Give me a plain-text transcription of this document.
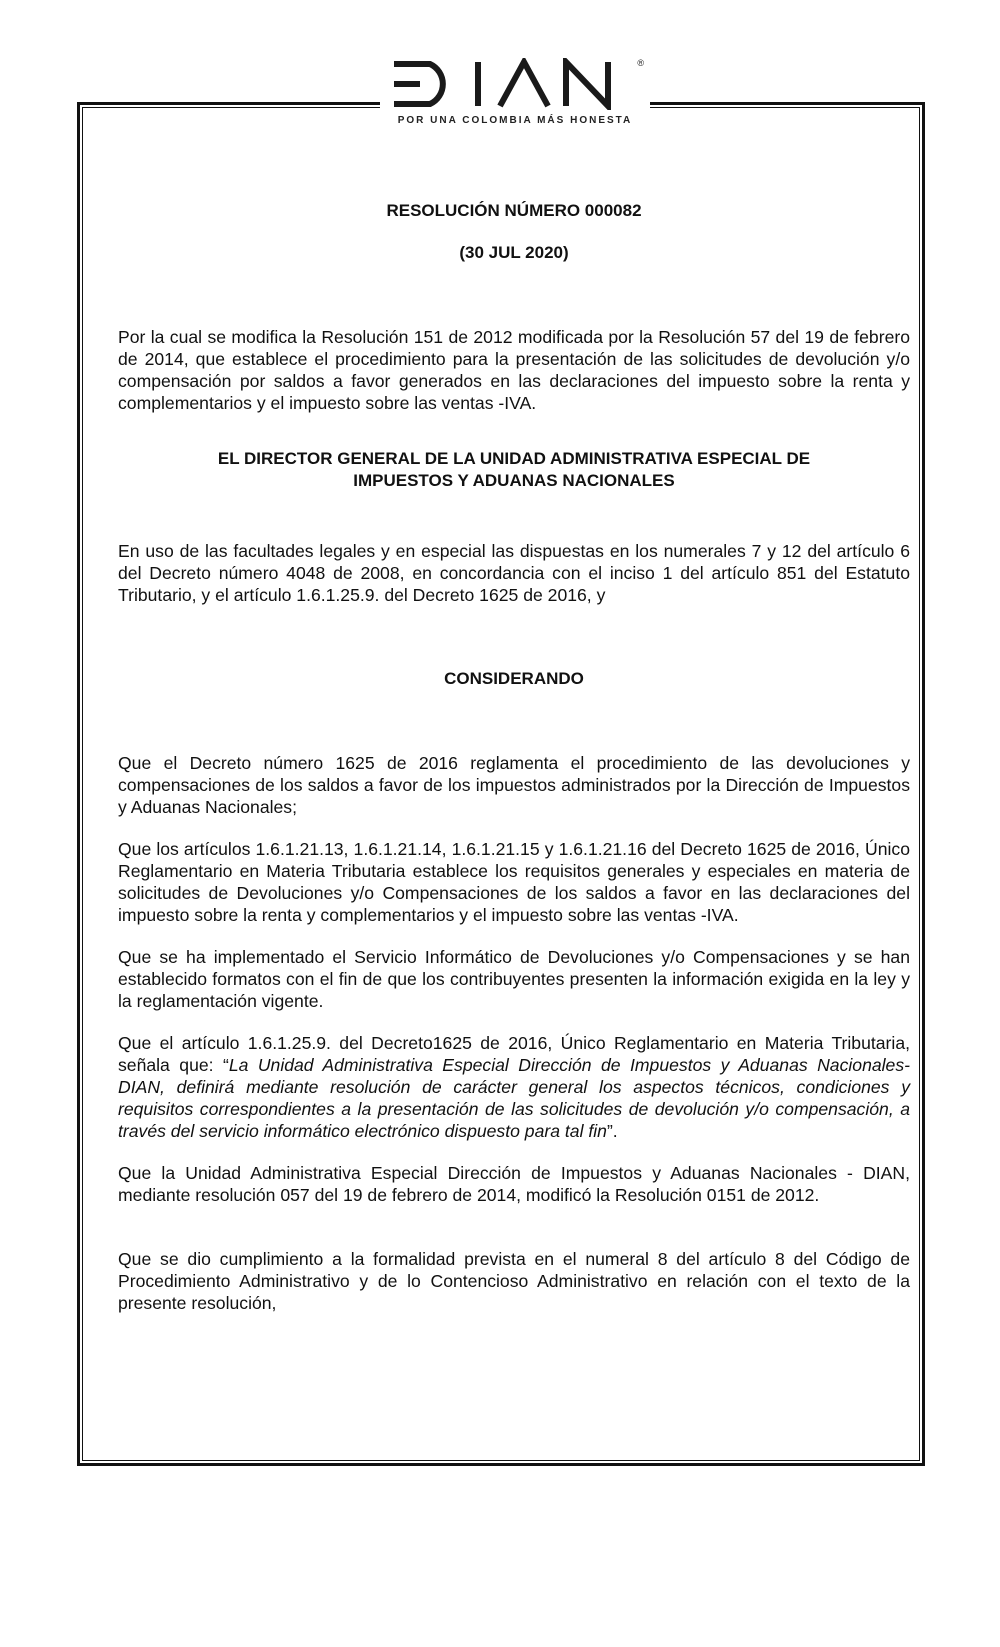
DIAN	®
POR UNA COLOMBIA MÁS HONESTA

RESOLUCIÓN NÚMERO 000082

(30 JUL 2020)

Por la cual se modifica la Resolución 151 de 2012 modificada por la Resolución 57 del 19 de febrero de 2014, que establece el procedimiento para la presentación de las solicitudes de devolución y/o compensación por saldos a favor generados en las declaraciones del impuesto sobre la renta y complementarios y el impuesto sobre las ventas -IVA.

EL DIRECTOR GENERAL DE LA UNIDAD ADMINISTRATIVA ESPECIAL DE

IMPUESTOS Y ADUANAS NACIONALES

En uso de las facultades legales y en especial las dispuestas en los numerales 7 y 12 del artículo 6 del Decreto número 4048 de 2008, en concordancia con el inciso 1 del artículo 851 del Estatuto Tributario, y el artículo 1.6.1.25.9. del Decreto 1625 de 2016, y

CONSIDERANDO

Que el Decreto número 1625 de 2016 reglamenta el procedimiento de las devoluciones y compensaciones de los saldos a favor de los impuestos administrados por la Dirección de Impuestos y Aduanas Nacionales;

Que los artículos 1.6.1.21.13, 1.6.1.21.14, 1.6.1.21.15 y 1.6.1.21.16 del Decreto 1625 de 2016, Único Reglamentario en Materia Tributaria establece los requisitos generales y especiales en materia de solicitudes de Devoluciones y/o Compensaciones de los saldos a favor en las declaraciones del impuesto sobre la renta y complementarios y el impuesto sobre las ventas -IVA.

Que se ha implementado el Servicio Informático de Devoluciones y/o Compensaciones y se han establecido formatos con el fin de que los contribuyentes presenten la información exigida en la ley y la reglamentación vigente.

Que el artículo 1.6.1.25.9. del Decreto1625 de 2016, Único Reglamentario en Materia Tributaria, señala que: “La Unidad Administrativa Especial Dirección de Impuestos y Aduanas Nacionales- DIAN, definirá mediante resolución de carácter general los aspectos técnicos, condiciones y requisitos correspondientes a la presentación de las solicitudes de devolución y/o compensación, a través del servicio informático electrónico dispuesto para tal fin”.

Que la Unidad Administrativa Especial Dirección de Impuestos y Aduanas Nacionales - DIAN, mediante resolución 057 del 19 de febrero de 2014, modificó la Resolución 0151 de 2012.

Que se dio cumplimiento a la formalidad prevista en el numeral 8 del artículo 8 del Código de Procedimiento Administrativo y de lo Contencioso Administrativo en relación con el texto de la presente resolución,
